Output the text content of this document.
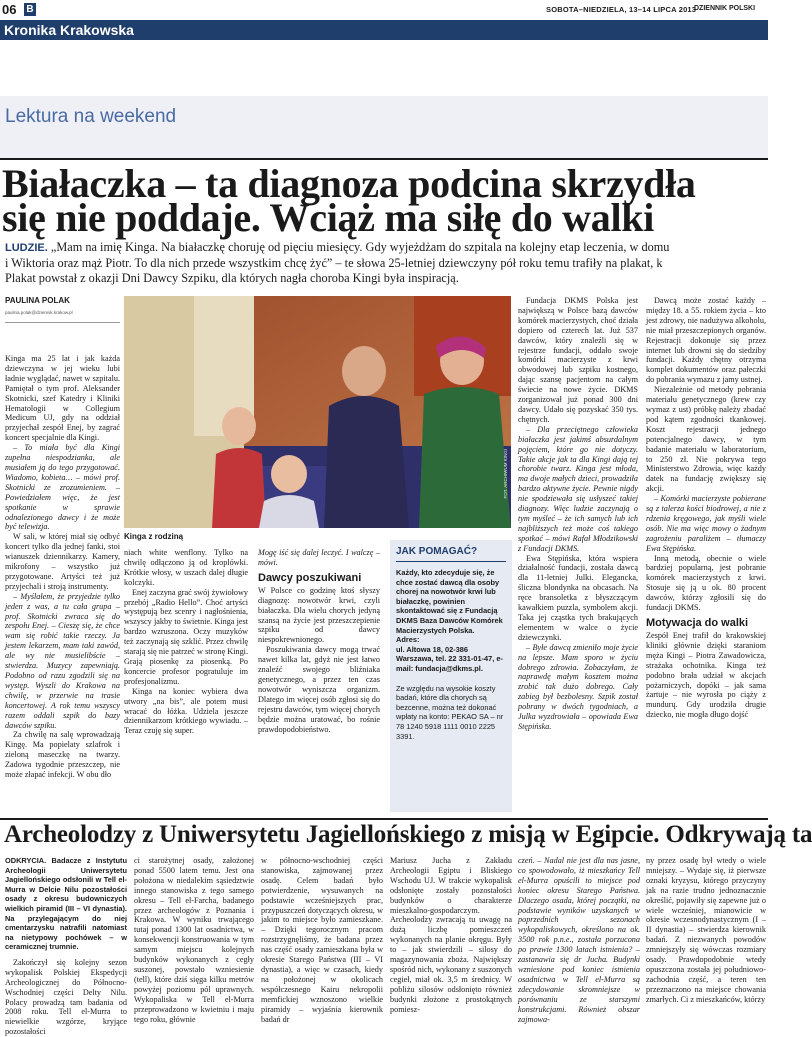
06 B	SOBOTA–NIEDZIELA, 13–14 LIPCA 2013
DZIENNIK POLSKI
Kronika Krakowska
Lektura na weekend
Białaczka – ta diagnoza podcina skrzydła
się nie poddaje. Wciąż ma siłę do walki
LUDZIE. „Mam na imię Kinga. Na białaczkę choruję od pięciu miesięcy. Gdy wyjeżdżam do szpitala na kolejny etap leczenia, w domu
i Wiktoria oraz mąż Piotr. To dla nich przede wszystkim chcę żyć” – te słowa 25-letniej dziewczyny pół roku temu trafiły na plakat, k
Plakat powstał z okazji Dni Dawcy Szpiku, dla których nagła choroba Kingi była inspiracją.
PAULINA POLAK
paulina.polak@dziennik.krakow.pl
FOT. ARCHIWUM KINGI

Kinga ma 25 lat i jak każda dziewczyna w jej wieku lubi ładnie wyglądać, nawet w szpitalu. Pamiętał o tym prof. Aleksander Skotnicki, szef Katedry i Kliniki Hematologii w Collegium Medicum UJ, gdy na oddział przyjechał zespół Enej, by zagrać koncert specjalnie dla Kingi.

– To miała być dla Kingi zupełna niespodzianka, ale musiałem ją do tego przygotować. Wiadomo, kobieta… – mówi prof. Skotnicki ze zrozumieniem. – Powiedziałem więc, że jest spotkanie w sprawie odnalezionego dawcy i że może być telewizja.

W sali, w której miał się odbyć koncert tylko dla jednej fanki, stoi wianuszek dziennikarzy. Kamery, mikrofony – wszystko już przygotowane. Artyści też już przyjechali i stroją instrumenty.

– Myślałem, że przyjedzie tylko jeden z was, a tu cała grupa – prof. Skotnicki zwraca się do zespołu Enej. – Cieszę się, że chce wam się robić takie rzeczy. Ja jestem lekarzem, mam taki zawód, ale wy nie musielibście – stwierdza. Muzycy zapewniają. Podobno od razu zgodzili się na występ. Wyszli do Krakowa na chwilę, w przerwie na trasie koncertowej. A rok temu wszyscy razem oddali szpik do bazy dawców szpiku.

Za chwilę na salę wprowadzają Kingę. Ma popielaty szlafrok i zieloną maseczkę na twarzy. Zadowa tygodnie przeszczep, nie może złapać infekcji. W obu dło

Kinga z rodziną

niach white wenflony. Tylko na chwilę odłączono ją od kroplówki. Krótkie włosy, w uszach dalej długie kolczyki.

Enej zaczyna grać swój żywiołowy przebój „Radio Hello”. Choć artyści występują bez scenry i nagłośnienia, wszyscy jakby to świetnie. Kinga jest bardzo wzruszona. Oczy muzyków też zaczynają się szklić. Przez chwilę starają się nie patrzeć w stronę Kingi. Grają piosenkę za piosenką. Po koncercie profesor pogratuluje im profesjonalizmu.

Kinga na koniec wybiera dwa utwory „na bis”, ale potem musi wracać do łóżka. Udziela jeszcze dziennikarzom krótkiego wywiadu. – Teraz czuję się super.

Mogę iść się dalej leczyć. I walczę – mówi.

Dawcy poszukiwani

W Polsce co godzinę ktoś słyszy diagnozę: nowotwór krwi, czyli białaczka. Dla wielu chorych jedyną szansą na życie jest przeszczepienie szpiku od dawcy niespokrewnionego.

Poszukiwania dawcy mogą trwać nawet kilka lat, gdyż nie jest łatwo znaleźć swojego bliźniaka genetycznego, a przez ten czas nowotwór wyniszcza organizm. Dlatego im więcej osób zgłosi się do rejestru dawców, tym więcej chorych będzie można uratować, bo rośnie prawdopodobieństwo.

JAK POMAGAĆ?
Każdy, kto zdecyduje się, że chce zostać dawcą dla osoby chorej na nowotwór krwi lub białaczkę, powinien skontaktować się z Fundacją DKMS Baza Dawców Komórek Macierzystych Polska.
Adres:
ul. Altowa 18, 02-386 Warszawa, tel. 22 331-01-47, e-mail: fundacja@dkms.pl.
Ze względu na wysokie koszty badań, które dla chorych są bezcenne, można też dokonać wpłaty na konto: PEKAO SA – nr 78 1240 5918 1111 0010 2225 3391.

Fundacja DKMS Polska jest największą w Polsce bazą dawców komórek macierzystych, choć działa dopiero od czterech lat. Już 537 dawców, który znaleźli się w rejestrze fundacji, oddało swoje komórki macierzyste z krwi obwodowej lub szpiku kostnego, dając szansę pacjentom na całym świecie na nowe życie. DKMS zorganizował już ponad 300 dni dawcy. Udało się pozyskać 350 tys. chętnych.

– Dla przeciętnego człowieka białaczka jest jakimś absurdalnym pojęciem, które go nie dotyczy. Takie akcje jak ta dla Kingi dają tej chorobie twarz. Kinga jest młoda, ma dwoje małych dzieci, prowadziła bardzo aktywne życie. Pewnie nigdy nie spodziewała się usłyszeć takiej diagnozy. Więc ludzie zaczynają o tym myśleć – że ich samych lub ich najbliższych też może coś takiego spotkać – mówi Rafał Młodzikowski z Fundacji DKMS.

Ewa Stępińska, która wspiera działalność fundacji, została dawcą dla 11-letniej Julki. Elegancka, śliczna blondynka na obcasach. Na ręce bransoletka z błyszczącym kawałkiem puzzla, symbolem akcji. Taka jej cząstka tych brakujących elementem w walce o życie dziewczynki.

– Byłe dawcą zmieniło moje życie na lepsze. Mam sporo w życiu dobrego zdrowia. Zobaczyłam, że naprawdę małym kosztem można zrobić tak dużo dobrego. Cały zabieg był bezbolesny. Szpik został pobrany w dwóch tygodniach, a Julka wyzdrowiała – opowiada Ewa Stępińska.

Dawcą może zostać każdy – między 18. a 55. rokiem życia – kto jest zdrowy, nie nadużywa alkoholu, nie miał przeszczepionych organów. Rejestracji dokonuje się przez internet lub drowni się do siedziby fundacji. Każdy chętny otrzyma komplet dokumentów oraz pałeczki do pobrania wymazu z jamy ustnej.

Niezależnie od metody pobrania materiału genetycznego (krew czy wymaz z ust) próbkę należy zbadać pod kątem zgodności tkankowej. Koszt rejestracji jednego potencjalnego dawcy, w tym badanie materiału w laboratorium, to 250 zł. Nie pokrywa tego Ministerstwo Zdrowia, więc każdy datek na fundację zwiększy się akcji.

– Komórki macierzyste pobierane są z talerza kości biodrowej, a nie z rdzenia kręgowego, jak myśli wiele osób. Nie ma więc mowy o żadnym zagrożeniu paraliżem – tłumaczy Ewa Stępińska.

Inną metodą, obecnie o wiele bardziej popularną, jest pobranie komórek macierzystych z krwi. Stosuje się ją u ok. 80 procent dawców, którzy zgłosili się do fundacji DKMS.

Motywacja do walki

Zespół Enej trafił do krakowskiej kliniki głównie dzięki staraniom męża Kingi – Piotra Zawadowicza, strażaka ochotnika. Kinga też podobno brała udział w akcjach pożarniczych, dopóki – jak sama żartuje – nie wyrosła po ciąży z mundurų. Gdy urodziła drugie dziecko, nie mogła długo dojść

Archeolodzy z Uniwersytetu Jagiellońskiego z misją w Egipcie. Odkrywają ta

ODKRYCIA. Badacze z Instytutu Archeologii Uniwersytetu Jagiellońskiego odsłonili w Tell el-Murra w Delcie Nilu pozostałości osady z okresu budowniczych wielkich piramid (III – VI dynastia). Na przylegającym do niej cmentarzysku natrafili natomiast na nietypowy pochówek – w ceramicznej trumnie.

Zakończył się kolejny sezon wykopalisk Polskiej Ekspedycji Archeologicznej do Północno-Wschodniej części Delty Nilu. Polacy prowadzą tam badania od 2008 roku. Tell el-Murra to niewielkie wzgórze, kryjące pozostałości

ci starożytnej osady, założonej ponad 5500 latem temu. Jest ona położona w niedalekim sąsiedztwie innego stanowiska z tego samego okresu – Tell el-Farcha, badanego przez archeologów z Poznania i Krakowa. W wyniku trwającego tutaj ponad 1300 lat osadnictwa, w konsekwencji konstruowania w tym samym miejscu kolejnych budynków wykonanych z cegły suszonej, powstało wzniesienie (tell), które dziś sięga kilku metrów powyżej poziomu pól uprawnych. Wykopaliska w Tell el-Murra przeprowadzono w kwietniu i maju tego roku, głównie

w północno-wschodniej części stanowiska, zajmowanej przez osadę. Celem badań było potwierdzenie, wysuwanych na podstawie wcześniejszych prac, przypuszczeń dotyczących okresu, w jakim to miejsce było zamieszkane. – Dzięki tegorocznym pracom rozstrzygnęliśmy, że badana przez nas część osady zamieszkana była w okresie Starego Państwa (III – VI dynastia), a więc w czasach, kiedy na położonej w okolicach współczesnego Kairu nekropolii memfickiej wznoszono wielkie piramidy – wyjaśnia kierownik badań dr

Mariusz Jucha z Zakładu Archeologii Egiptu i Bliskiego Wschodu UJ. W trakcie wykopalisk odsłonięte zostały pozostałości budynków o charakterze mieszkalno-gospodarczym. Archeolodzy zwracają tu uwagę na dużą liczbę pomieszczeń wykonanych na planie okręgu. Były to – jak stwierdzili – silosy do magazynowania zboża. Największy spośród nich, wykonany z suszonych cegieł, miał ok. 3,5 m średnicy. W pobliżu silosów odsłonięto również budynki złożone z prostokątnych pomiesz-

czeń. – Nadal nie jest dla nas jasne, co spowodowało, iż mieszkańcy Tell el-Murra opuścili to miejsce pod koniec okresu Starego Państwa. Dlaczego osada, której początki, na podstawie wyników uzyskanych w poprzednich sezonach wykopaliskowych, określono na ok. 3500 rok p.n.e., została porzucona po prawie 1300 latach istnienia? – zastanawia się dr Jucha. Budynki wzniesione pod koniec istnienia osadnictwa w Tell el-Murra są zdecydowanie skromniejsze w porównaniu ze starszymi konstrukcjami. Również obszar zajmowa-

ny przez osadę był wtedy o wiele mniejszy. – Wydaje się, iż pierwsze oznaki kryzysu, którego przyczyny jak na razie trudno jednoznacznie określić, pojawiły się zapewne już o wiele wcześniej, mianowicie w okresie wczesnodynastycznym (I – II dynastia) – stwierdza kierownik badań. Z niezwanych powodów zmniejszyły się wówczas rozmiary osady. Prawdopodobnie wtedy opuszczona została jej południowo-zachodnia część, a teren ten przeznaczono na miejsce chowania zmarłych. Ci z mieszkańców, którzy
